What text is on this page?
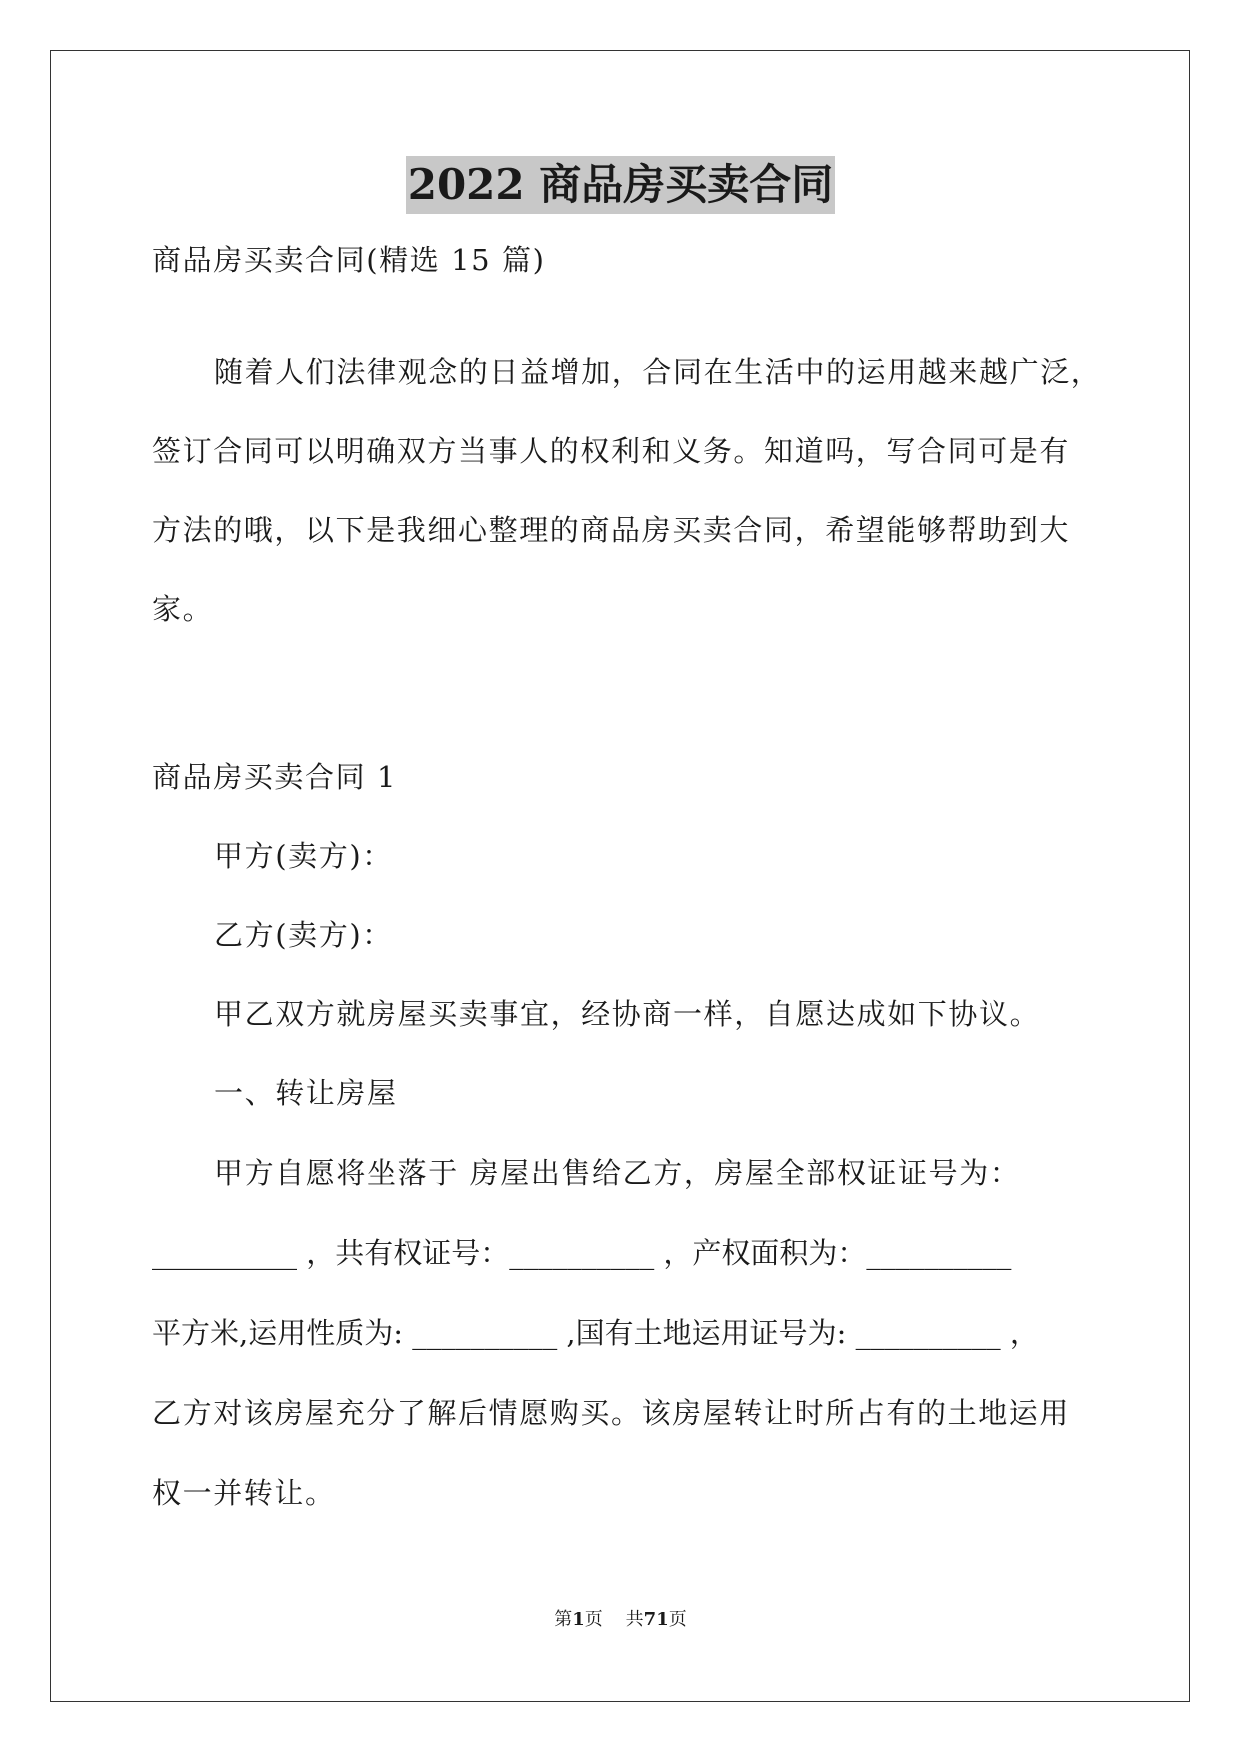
2022 商品房买卖合同
商品房买卖合同(精选 15 篇)
随着人们法律观念的日益增加，合同在生活中的运用越来越广泛，
签订合同可以明确双方当事人的权利和义务。知道吗，写合同可是有
方法的哦，以下是我细心整理的商品房买卖合同，希望能够帮助到大
家。
商品房买卖合同 1
甲方(卖方)：
乙方(卖方)：
甲乙双方就房屋买卖事宜，经协商一样，自愿达成如下协议。
一、转让房屋
甲方自愿将坐落于 房屋出售给乙方，房屋全部权证证号为：
__________ ，共有权证号：__________ ，产权面积为：__________
平方米,运用性质为: __________ ,国有土地运用证号为: __________ ，
乙方对该房屋充分了解后情愿购买。该房屋转让时所占有的土地运用
权一并转让。
第1页    共71页
